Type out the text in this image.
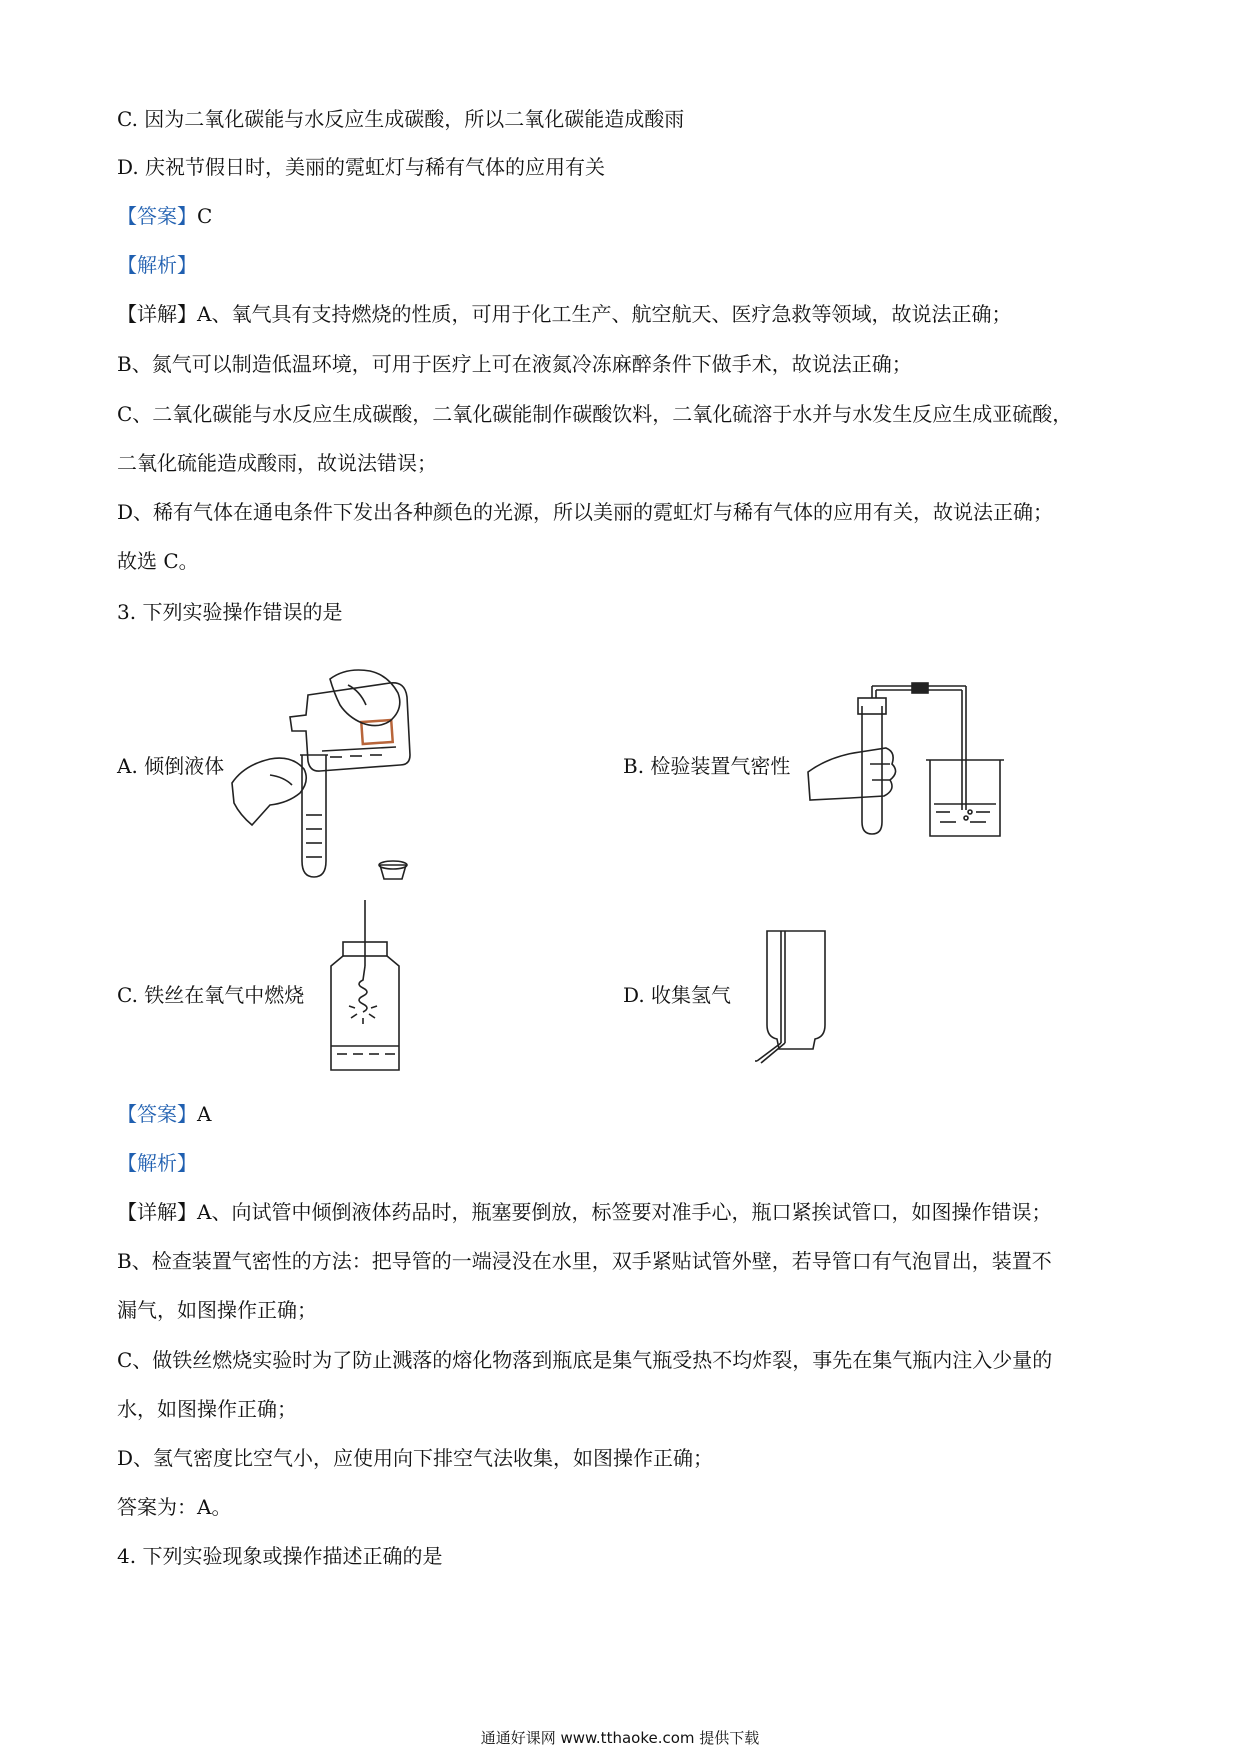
C. 因为二氧化碳能与水反应生成碳酸，所以二氧化碳能造成酸雨
D. 庆祝节假日时，美丽的霓虹灯与稀有气体的应用有关
【答案】C
【解析】
【详解】A、氧气具有支持燃烧的性质，可用于化工生产、航空航天、医疗急救等领域，故说法正确；
B、氮气可以制造低温环境，可用于医疗上可在液氮冷冻麻醉条件下做手术，故说法正确；
C、二氧化碳能与水反应生成碳酸，二氧化碳能制作碳酸饮料，二氧化硫溶于水并与水发生反应生成亚硫酸，
二氧化硫能造成酸雨，故说法错误；
D、稀有气体在通电条件下发出各种颜色的光源，所以美丽的霓虹灯与稀有气体的应用有关，故说法正确；
故选 C。
3. 下列实验操作错误的是
A. 倾倒液体	B. 检验装置气密性
C. 铁丝在氧气中燃烧	D. 收集氢气
【答案】A
【解析】
【详解】A、向试管中倾倒液体药品时，瓶塞要倒放，标签要对准手心，瓶口紧挨试管口，如图操作错误；
B、检查装置气密性的方法：把导管的一端浸没在水里，双手紧贴试管外壁，若导管口有气泡冒出，装置不
漏气，如图操作正确；
C、做铁丝燃烧实验时为了防止溅落的熔化物落到瓶底是集气瓶受热不均炸裂，事先在集气瓶内注入少量的
水，如图操作正确；
D、氢气密度比空气小，应使用向下排空气法收集，如图操作正确；
答案为：A。
4. 下列实验现象或操作描述正确的是
通通好课网 www.tthaoke.com 提供下载
